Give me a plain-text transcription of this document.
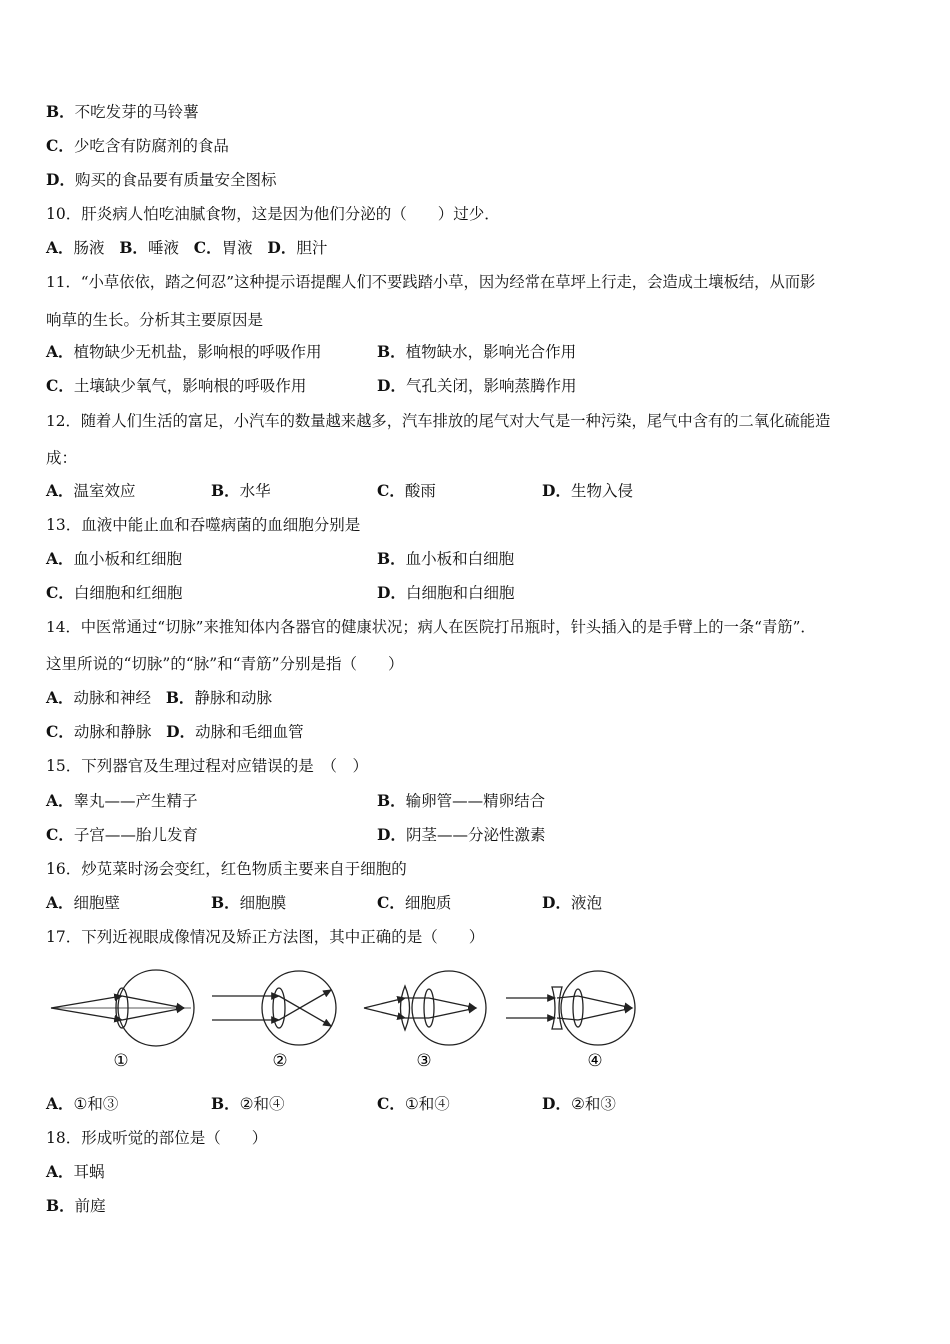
B．不吃发芽的马铃薯
C．少吃含有防腐剂的食品
D．购买的食品要有质量安全图标
10．肝炎病人怕吃油腻食物，这是因为他们分泌的（　　）过少．
A．肠液 B．唾液 C．胃液 D．胆汁
11．“小草依依，踏之何忍”这种提示语提醒人们不要践踏小草，因为经常在草坪上行走，会造成土壤板结，从而影
响草的生长。分析其主要原因是
A．植物缺少无机盐，影响根的呼吸作用	B．植物缺水，影响光合作用
C．土壤缺少氧气，影响根的呼吸作用	D．气孔关闭，影响蒸腾作用
12．随着人们生活的富足，小汽车的数量越来越多，汽车排放的尾气对大气是一种污染，尾气中含有的二氧化硫能造
成：
A．温室效应	B．水华	C．酸雨	D．生物入侵
13．血液中能止血和吞噬病菌的血细胞分别是
A．血小板和红细胞	B．血小板和白细胞
C．白细胞和红细胞	D．白细胞和白细胞
14．中医常通过“切脉”来推知体内各器官的健康状况；病人在医院打吊瓶时，针头插入的是手臂上的一条“青筋”．
这里所说的“切脉”的“脉”和“青筋”分别是指（　　）
A．动脉和神经 B．静脉和动脉
C．动脉和静脉 D．动脉和毛细血管
15．下列器官及生理过程对应错误的是　（　）
A．睾丸——产生精子	B．输卵管——精卵结合
C．子宫——胎儿发育	D．阴茎——分泌性激素
16．炒苋菜时汤会变红，红色物质主要来自于细胞的
A．细胞壁	B．细胞膜	C．细胞质	D．液泡
17．下列近视眼成像情况及矫正方法图，其中正确的是（　　）
①	②	③	④
A．①和③	B．②和④	C．①和④	D．②和③
18．形成听觉的部位是（　　）
A．耳蜗
B．前庭
